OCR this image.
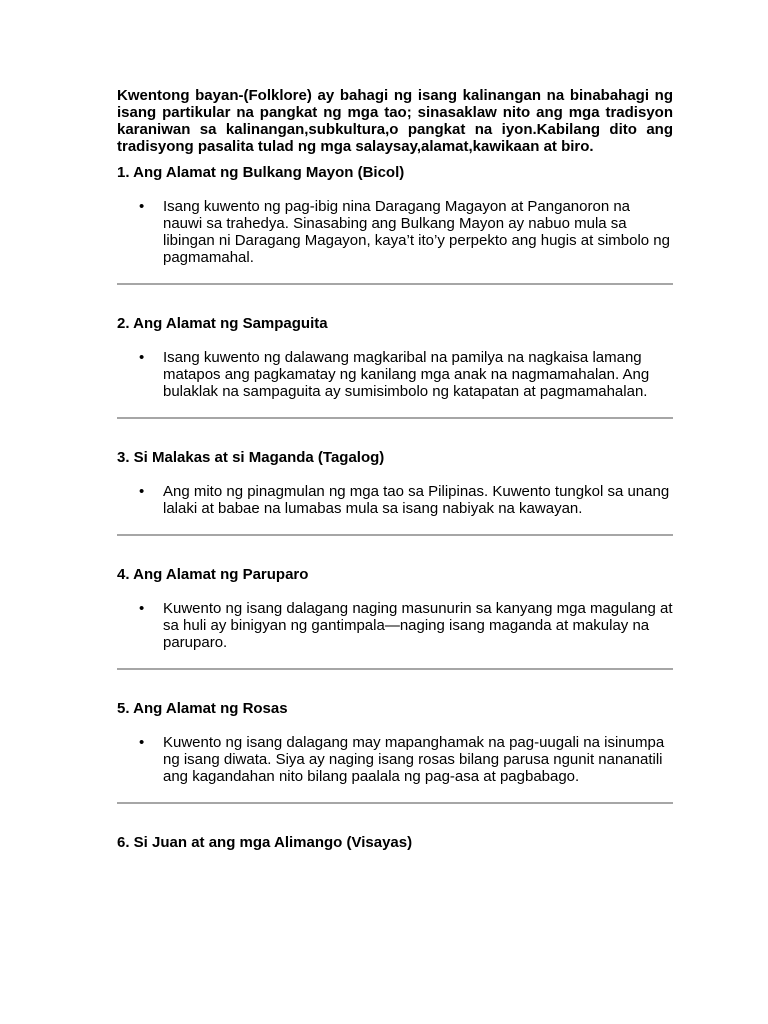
Kwentong bayan-(Folklore) ay bahagi ng isang kalinangan na binabahagi ng isang partikular na pangkat ng mga tao; sinasaklaw nito ang mga tradisyon karaniwan sa kalinangan,subkultura,o pangkat na iyon.Kabilang dito ang tradisyong pasalita tulad ng mga salaysay,alamat,kawikaan at biro.

1. Ang Alamat ng Bulkang Mayon (Bicol)
• Isang kuwento ng pag-ibig nina Daragang Magayon at Panganoron na nauwi sa trahedya. Sinasabing ang Bulkang Mayon ay nabuo mula sa libingan ni Daragang Magayon, kaya’t ito’y perpekto ang hugis at simbolo ng pagmamahal.
2. Ang Alamat ng Sampaguita
• Isang kuwento ng dalawang magkaribal na pamilya na nagkaisa lamang matapos ang pagkamatay ng kanilang mga anak na nagmamahalan. Ang bulaklak na sampaguita ay sumisimbolo ng katapatan at pagmamahalan.
3. Si Malakas at si Maganda (Tagalog)
• Ang mito ng pinagmulan ng mga tao sa Pilipinas. Kuwento tungkol sa unang lalaki at babae na lumabas mula sa isang nabiyak na kawayan.
4. Ang Alamat ng Paruparo
• Kuwento ng isang dalagang naging masunurin sa kanyang mga magulang at sa huli ay binigyan ng gantimpala—naging isang maganda at makulay na paruparo.
5. Ang Alamat ng Rosas
• Kuwento ng isang dalagang may mapanghamak na pag-uugali na isinumpa ng isang diwata. Siya ay naging isang rosas bilang parusa ngunit nananatili ang kagandahan nito bilang paalala ng pag-asa at pagbabago.
6. Si Juan at ang mga Alimango (Visayas)
